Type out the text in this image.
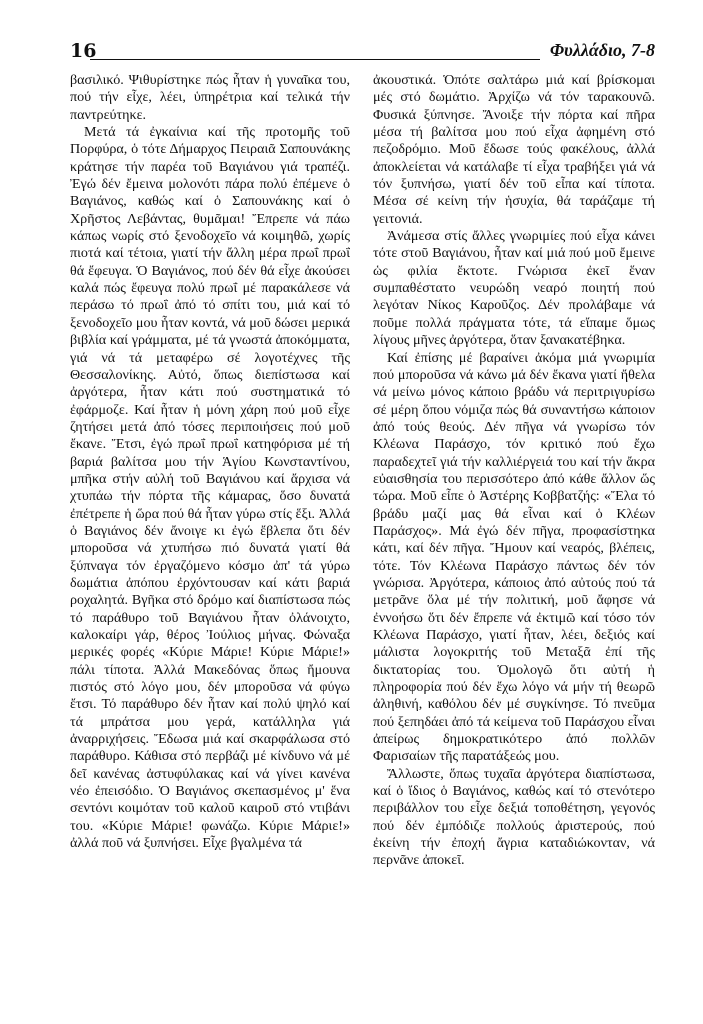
16	Φυλλάδιο, 7-8

βασιλικό. Ψιθυρίστηκε πώς ἦταν ἡ γυναῖκα του, πού τήν εἶχε, λέει, ὑπηρέτρια καί τελικά τήν παντρεύτηκε.

Μετά τά ἐγκαίνια καί τῆς προτομῆς τοῦ Πορφύρα, ὁ τότε Δήμαρχος Πειραιᾶ Σαπουνάκης κράτησε τήν παρέα τοῦ Βαγιάνου γιά τραπέζι. Ἐγώ δέν ἔμεινα μολονότι πάρα πολύ ἐπέμενε ὁ Βαγιάνος, καθώς καί ὁ Σαπουνάκης καί ὁ Χρῆστος Λεβάντας, θυμᾶμαι! Ἔπρεπε νά πάω κάπως νωρίς στό ξενοδοχεῖο νά κοιμηθῶ, χωρίς πιοτά καί τέτοια, γιατί τήν ἄλλη μέρα πρωΐ πρωΐ θά ἔφευγα. Ὁ Βαγιάνος, πού δέν θά εἶχε ἀκούσει καλά πώς ἔφευγα πολύ πρωΐ μέ παρακάλεσε νά περάσω τό πρωΐ ἀπό τό σπίτι του, μιά καί τό ξενοδοχεῖο μου ἦταν κοντά, νά μοῦ δώσει μερικά βιβλία καί γράμματα, μέ τά γνωστά ἀποκόμματα, γιά νά τά μεταφέρω σέ λογοτέχνες τῆς Θεσσαλονίκης. Αὐτό, ὅπως διεπίστωσα καί ἀργότερα, ἦταν κάτι πού συστηματικά τό ἐφάρμοζε. Καί ἦταν ἡ μόνη χάρη πού μοῦ εἶχε ζητήσει μετά ἀπό τόσες περιποιήσεις πού μοῦ ἔκανε. Ἔτσι, ἐγώ πρωΐ πρωΐ κατηφόρισα μέ τή βαριά βαλίτσα μου τήν Ἁγίου Κωνσταντίνου, μπῆκα στήν αὐλή τοῦ Βαγιάνου καί ἄρχισα νά χτυπάω τήν πόρτα τῆς κάμαρας, ὅσο δυνατά ἐπέτρεπε ἡ ὥρα πού θά ἦταν γύρω στίς ἕξι. Ἀλλά ὁ Βαγιάνος δέν ἄνοιγε κι ἐγώ ἔβλεπα ὅτι δέν μποροῦσα νά χτυπήσω πιό δυνατά γιατί θά ξύπναγα τόν ἐργαζόμενο κόσμο ἀπ' τά γύρω δωμάτια ἀπόπου ἐρχόντουσαν καί κάτι βαριά ροχαλητά. Βγῆκα στό δρόμο καί διαπίστωσα πώς τό παράθυρο τοῦ Βαγιάνου ἦταν ὀλάνοιχτο, καλοκαίρι γάρ, θέρος Ἰούλιος μήνας. Φώναξα μερικές φορές «Κύριε Μάριε! Κύριε Μάριε!» πάλι τίποτα. Ἀλλά Μακεδόνας ὅπως ἤμουνα πιστός στό λόγο μου, δέν μποροῦσα νά φύγω ἔτσι. Τό παράθυρο δέν ἦταν καί πολύ ψηλό καί τά μπράτσα μου γερά, κατάλληλα γιά ἀναρριχήσεις. Ἔδωσα μιά καί σκαρφάλωσα στό παράθυρο. Κάθισα στό περβάζι μέ κίνδυνο νά μέ δεῖ κανένας ἀστυφύλακας καί νά γίνει κανένα νέο ἐπεισόδιο. Ὁ Βαγιάνος σκεπασμένος μ' ἕνα σεντόνι κοιμόταν τοῦ καλοῦ καιροῦ στό ντιβάνι του. «Κύριε Μάριε! φωνάζω. Κύριε Μάριε!» ἀλλά ποῦ νά ξυπνήσει. Εἶχε βγαλμένα τά

ἀκουστικά. Ὁπότε σαλτάρω μιά καί βρίσκομαι μές στό δωμάτιο. Ἀρχίζω νά τόν ταρακουνῶ. Φυσικά ξύπνησε. Ἄνοιξε τήν πόρτα καί πῆρα μέσα τή βαλίτσα μου πού εἶχα ἀφημένη στό πεζοδρόμιο. Μοῦ ἔδωσε τούς φακέλους, ἀλλά ἀποκλείεται νά κατάλαβε τί εἶχα τραβήξει γιά νά τόν ξυπνήσω, γιατί δέν τοῦ εἶπα καί τίποτα. Μέσα σέ κείνη τήν ἡσυχία, θά ταράζαμε τή γειτονιά.

Ἀνάμεσα στίς ἄλλες γνωριμίες πού εἶχα κάνει τότε στοῦ Βαγιάνου, ἦταν καί μιά πού μοῦ ἔμεινε ὡς φιλία ἔκτοτε. Γνώρισα ἐκεῖ ἕναν συμπαθέστατο νευρώδη νεαρό ποιητή πού λεγόταν Νίκος Καροῦζος. Δέν προλάβαμε νά ποῦμε πολλά πράγματα τότε, τά εἴπαμε ὅμως λίγους μῆνες ἀργότερα, ὅταν ξανακατέβηκα.

Καί ἐπίσης μέ βαραίνει ἀκόμα μιά γνωριμία πού μποροῦσα νά κάνω μά δέν ἔκανα γιατί ἤθελα νά μείνω μόνος κάποιο βράδυ νά περιτριγυρίσω σέ μέρη ὅπου νόμιζα πώς θά συναντήσω κάποιον ἀπό τούς θεούς. Δέν πῆγα νά γνωρίσω τόν Κλέωνα Παράσχο, τόν κριτικό πού ἔχω παραδεχτεῖ γιά τήν καλλιέργειά του καί τήν ἄκρα εὐαισθησία του περισσότερο ἀπό κάθε ἄλλον ὥς τώρα. Μοῦ εἶπε ὁ Ἀστέρης Κοββατζής: «Ἔλα τό βράδυ μαζί μας θά εἶναι καί ὁ Κλέων Παράσχος». Μά ἐγώ δέν πῆγα, προφασίστηκα κάτι, καί δέν πῆγα. Ἤμουν καί νεαρός, βλέπεις, τότε. Τόν Κλέωνα Παράσχο πάντως δέν τόν γνώρισα. Ἀργότερα, κάποιος ἀπό αὐτούς πού τά μετρᾶνε ὅλα μέ τήν πολιτική, μοῦ ἄφησε νά ἐννοήσω ὅτι δέν ἔπρεπε νά ἐκτιμῶ καί τόσο τόν Κλέωνα Παράσχο, γιατί ἦταν, λέει, δεξιός καί μάλιστα λογοκριτής τοῦ Μεταξᾶ ἐπί τῆς δικτατορίας του. Ὁμολογῶ ὅτι αὐτή ἡ πληροφορία πού δέν ἔχω λόγο νά μήν τή θεωρῶ ἀληθινή, καθόλου δέν μέ συγκίνησε. Τό πνεῦμα πού ξεπηδάει ἀπό τά κείμενα τοῦ Παράσχου εἶναι ἀπείρως δημοκρατικότερο ἀπό πολλῶν Φαρισαίων τῆς παρατάξεώς μου.

Ἄλλωστε, ὅπως τυχαῖα ἀργότερα διαπίστωσα, καί ὁ ἴδιος ὁ Βαγιάνος, καθώς καί τό στενότερο περιβάλλον του εἶχε δεξιά τοποθέτηση, γεγονός πού δέν ἐμπόδιζε πολλούς ἀριστερούς, πού ἐκείνη τήν ἐποχή ἄγρια καταδιώκονταν, νά περνᾶνε ἀποκεῖ.
